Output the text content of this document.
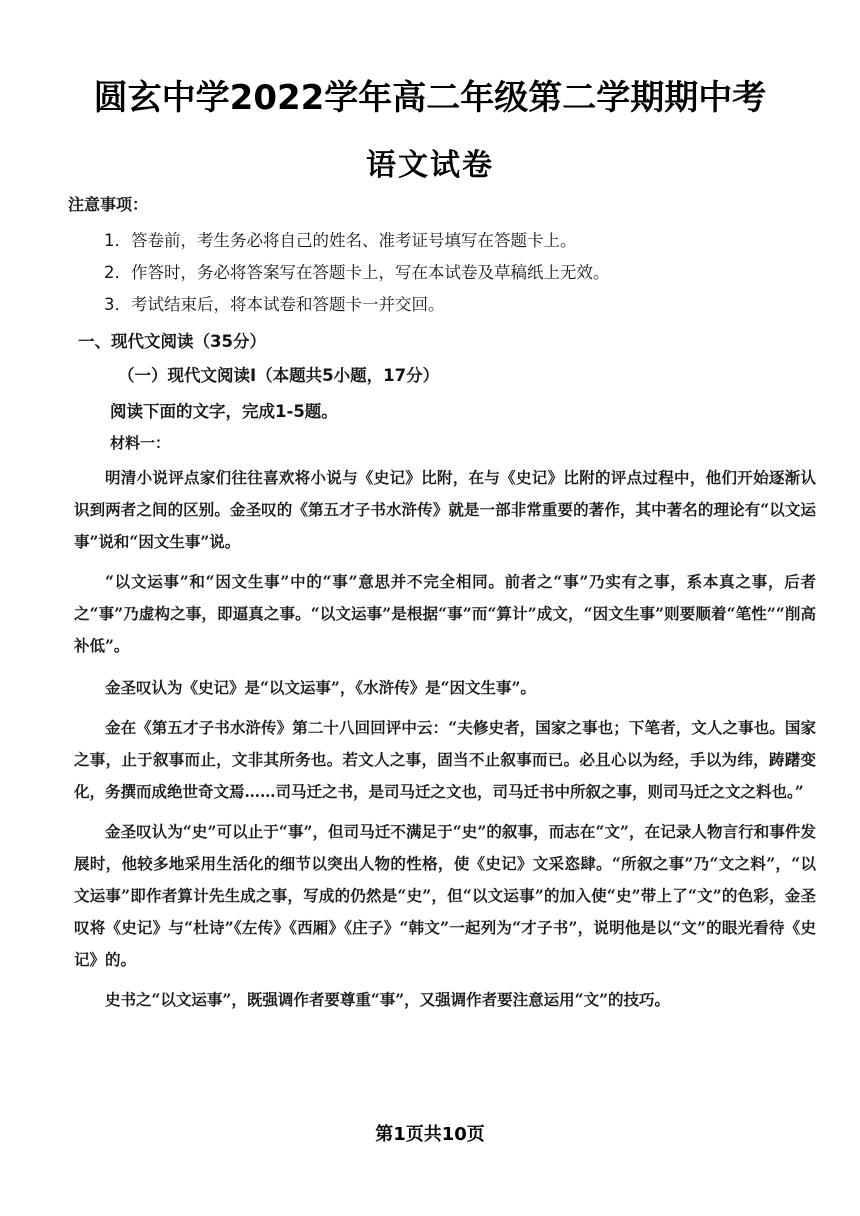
圆玄中学2022学年高二年级第二学期期中考
语文试卷
注意事项：
1．答卷前，考生务必将自己的姓名、准考证号填写在答题卡上。
2．作答时，务必将答案写在答题卡上，写在本试卷及草稿纸上无效。
3．考试结束后，将本试卷和答题卡一并交回。
一、现代文阅读（35分）
（一）现代文阅读Ⅰ（本题共5小题，17分）
阅读下面的文字，完成1-5题。
材料一：

明清小说评点家们往往喜欢将小说与《史记》比附，在与《史记》比附的评点过程中，他们开始逐渐认识到两者之间的区别。金圣叹的《第五才子书水浒传》就是一部非常重要的著作，其中著名的理论有“以文运事”说和“因文生事”说。

“以文运事”和“因文生事”中的“事”意思并不完全相同。前者之“事”乃实有之事，系本真之事，后者之“事”乃虚构之事，即逼真之事。“以文运事”是根据“事”而“算计”成文，“因文生事”则要顺着“笔性”“削高补低”。

金圣叹认为《史记》是“以文运事”，《水浒传》是“因文生事”。

金在《第五才子书水浒传》第二十八回回评中云：“夫修史者，国家之事也；下笔者，文人之事也。国家之事，止于叙事而止，文非其所务也。若文人之事，固当不止叙事而已。必且心以为经，手以为纬，踌躇变化，务撰而成绝世奇文焉……司马迁之书，是司马迁之文也，司马迁书中所叙之事，则司马迁之文之料也。”

金圣叹认为“史”可以止于“事”，但司马迁不满足于“史”的叙事，而志在“文”，在记录人物言行和事件发展时，他较多地采用生活化的细节以突出人物的性格，使《史记》文采恣肆。“所叙之事”乃“文之料”，“以文运事”即作者算计先生成之事，写成的仍然是“史”，但“以文运事”的加入使“史”带上了“文”的色彩，金圣叹将《史记》与“杜诗”《左传》《西厢》《庄子》“韩文”一起列为“才子书”，说明他是以“文”的眼光看待《史记》的。

史书之“以文运事”，既强调作者要尊重“事”，又强调作者要注意运用“文”的技巧。

第1页共10页
